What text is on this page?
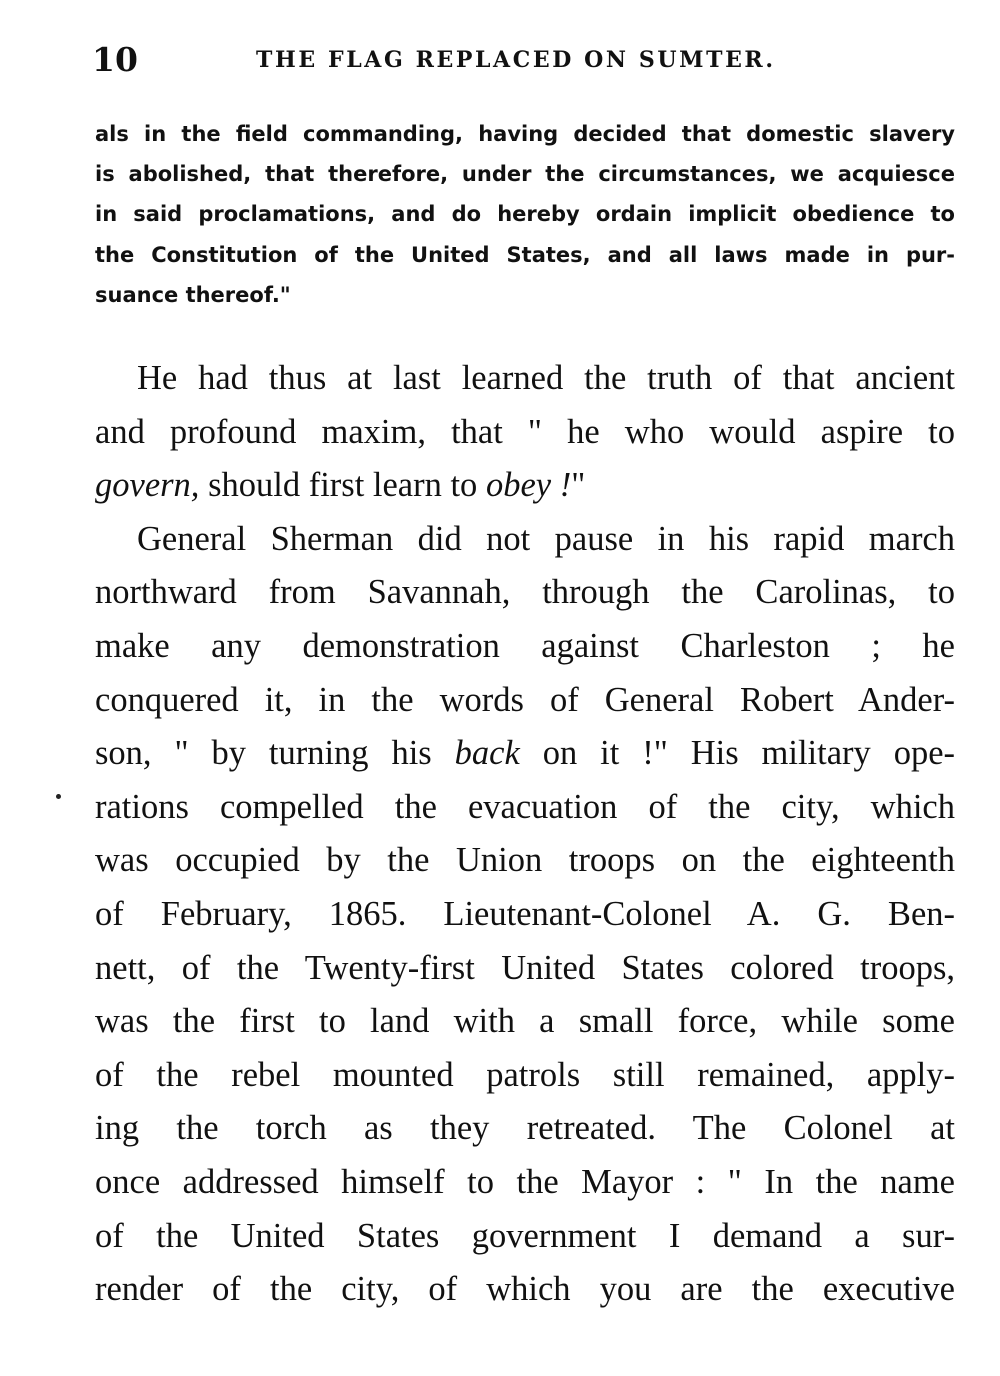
10	THE FLAG REPLACED ON SUMTER.
als in the field commanding, having decided that domestic slavery
is abolished, that therefore, under the circumstances, we acquiesce
in said proclamations, and do hereby ordain implicit obedience to
the Constitution of the United States, and all laws made in pur-
suance thereof."
He had thus at last learned the truth of that ancient
and profound maxim, that " he who would aspire to
govern, should first learn to obey !"
General Sherman did not pause in his rapid march
northward from Savannah, through the Carolinas, to
make any demonstration against Charleston ; he
conquered it, in the words of General Robert Ander-
son, " by turning his back on it !" His military ope-
rations compelled the evacuation of the city, which
was occupied by the Union troops on the eighteenth
of February, 1865. Lieutenant-Colonel A. G. Ben-
nett, of the Twenty-first United States colored troops,
was the first to land with a small force, while some
of the rebel mounted patrols still remained, apply-
ing the torch as they retreated. The Colonel at
once addressed himself to the Mayor : " In the name
of the United States government I demand a sur-
render of the city, of which you are the executive
